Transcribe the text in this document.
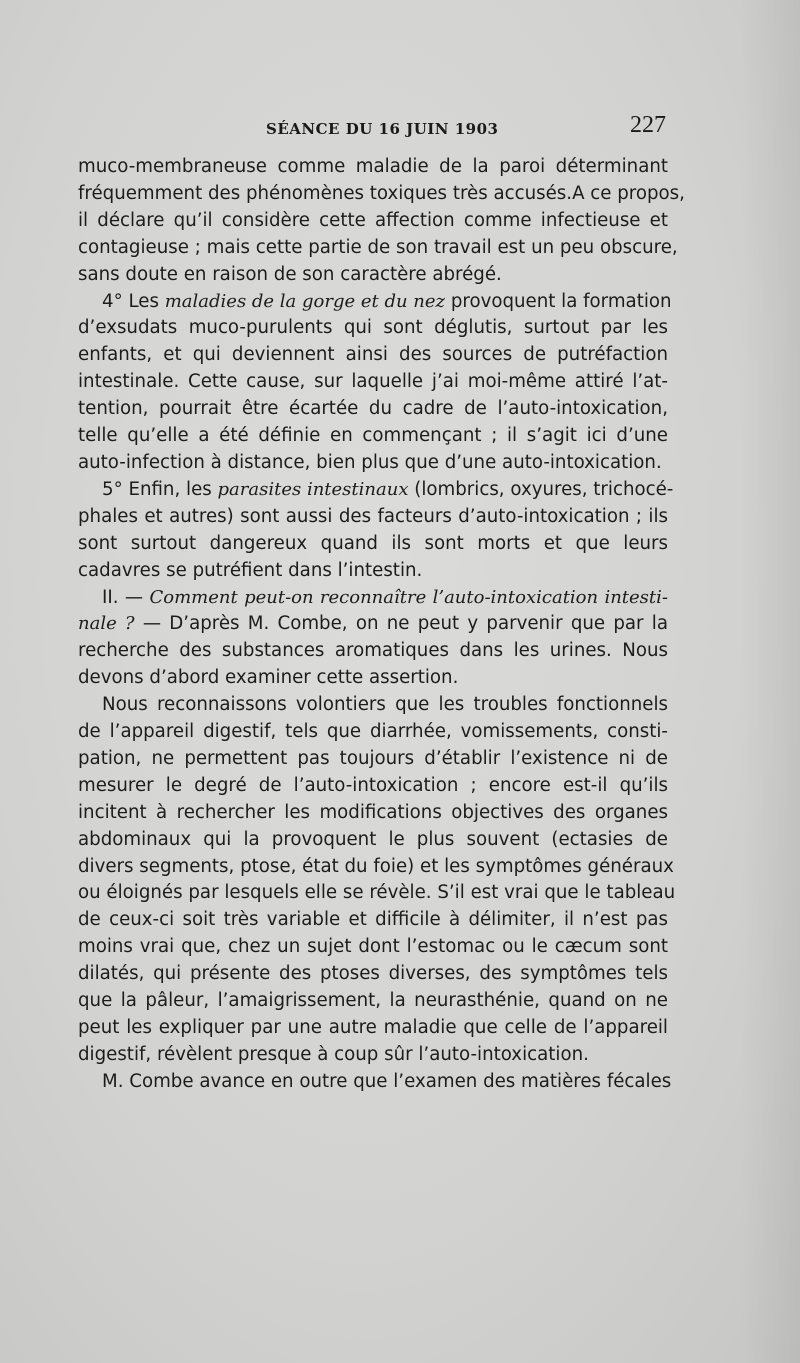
SÉANCE DU 16 JUIN 1903	227
muco-membraneuse comme maladie de la paroi déterminant
fréquemment des phénomènes toxiques très accusés.A ce propos,
il déclare qu’il considère cette affection comme infectieuse et
contagieuse ; mais cette partie de son travail est un peu obscure,
sans doute en raison de son caractère abrégé.
4° Les maladies de la gorge et du nez provoquent la formation
d’exsudats muco-purulents qui sont déglutis, surtout par les
enfants, et qui deviennent ainsi des sources de putréfaction
intestinale. Cette cause, sur laquelle j’ai moi-même attiré l’at-
tention, pourrait être écartée du cadre de l’auto-intoxication,
telle qu’elle a été définie en commençant ; il s’agit ici d’une
auto-infection à distance, bien plus que d’une auto-intoxication.
5° Enfin, les parasites intestinaux (lombrics, oxyures, trichocé-
phales et autres) sont aussi des facteurs d’auto-intoxication ; ils
sont surtout dangereux quand ils sont morts et que leurs
cadavres se putréfient dans l’intestin.
II. — Comment peut-on reconnaître l’auto-intoxication intesti-
nale ? — D’après M. Combe, on ne peut y parvenir que par la
recherche des substances aromatiques dans les urines. Nous
devons d’abord examiner cette assertion.
Nous reconnaissons volontiers que les troubles fonctionnels
de l’appareil digestif, tels que diarrhée, vomissements, consti-
pation, ne permettent pas toujours d’établir l’existence ni de
mesurer le degré de l’auto-intoxication ; encore est-il qu’ils
incitent à rechercher les modifications objectives des organes
abdominaux qui la provoquent le plus souvent (ectasies de
divers segments, ptose, état du foie) et les symptômes généraux
ou éloignés par lesquels elle se révèle. S’il est vrai que le tableau
de ceux-ci soit très variable et difficile à délimiter, il n’est pas
moins vrai que, chez un sujet dont l’estomac ou le cæcum sont
dilatés, qui présente des ptoses diverses, des symptômes tels
que la pâleur, l’amaigrissement, la neurasthénie, quand on ne
peut les expliquer par une autre maladie que celle de l’appareil
digestif, révèlent presque à coup sûr l’auto-intoxication.
M. Combe avance en outre que l’examen des matières fécales
